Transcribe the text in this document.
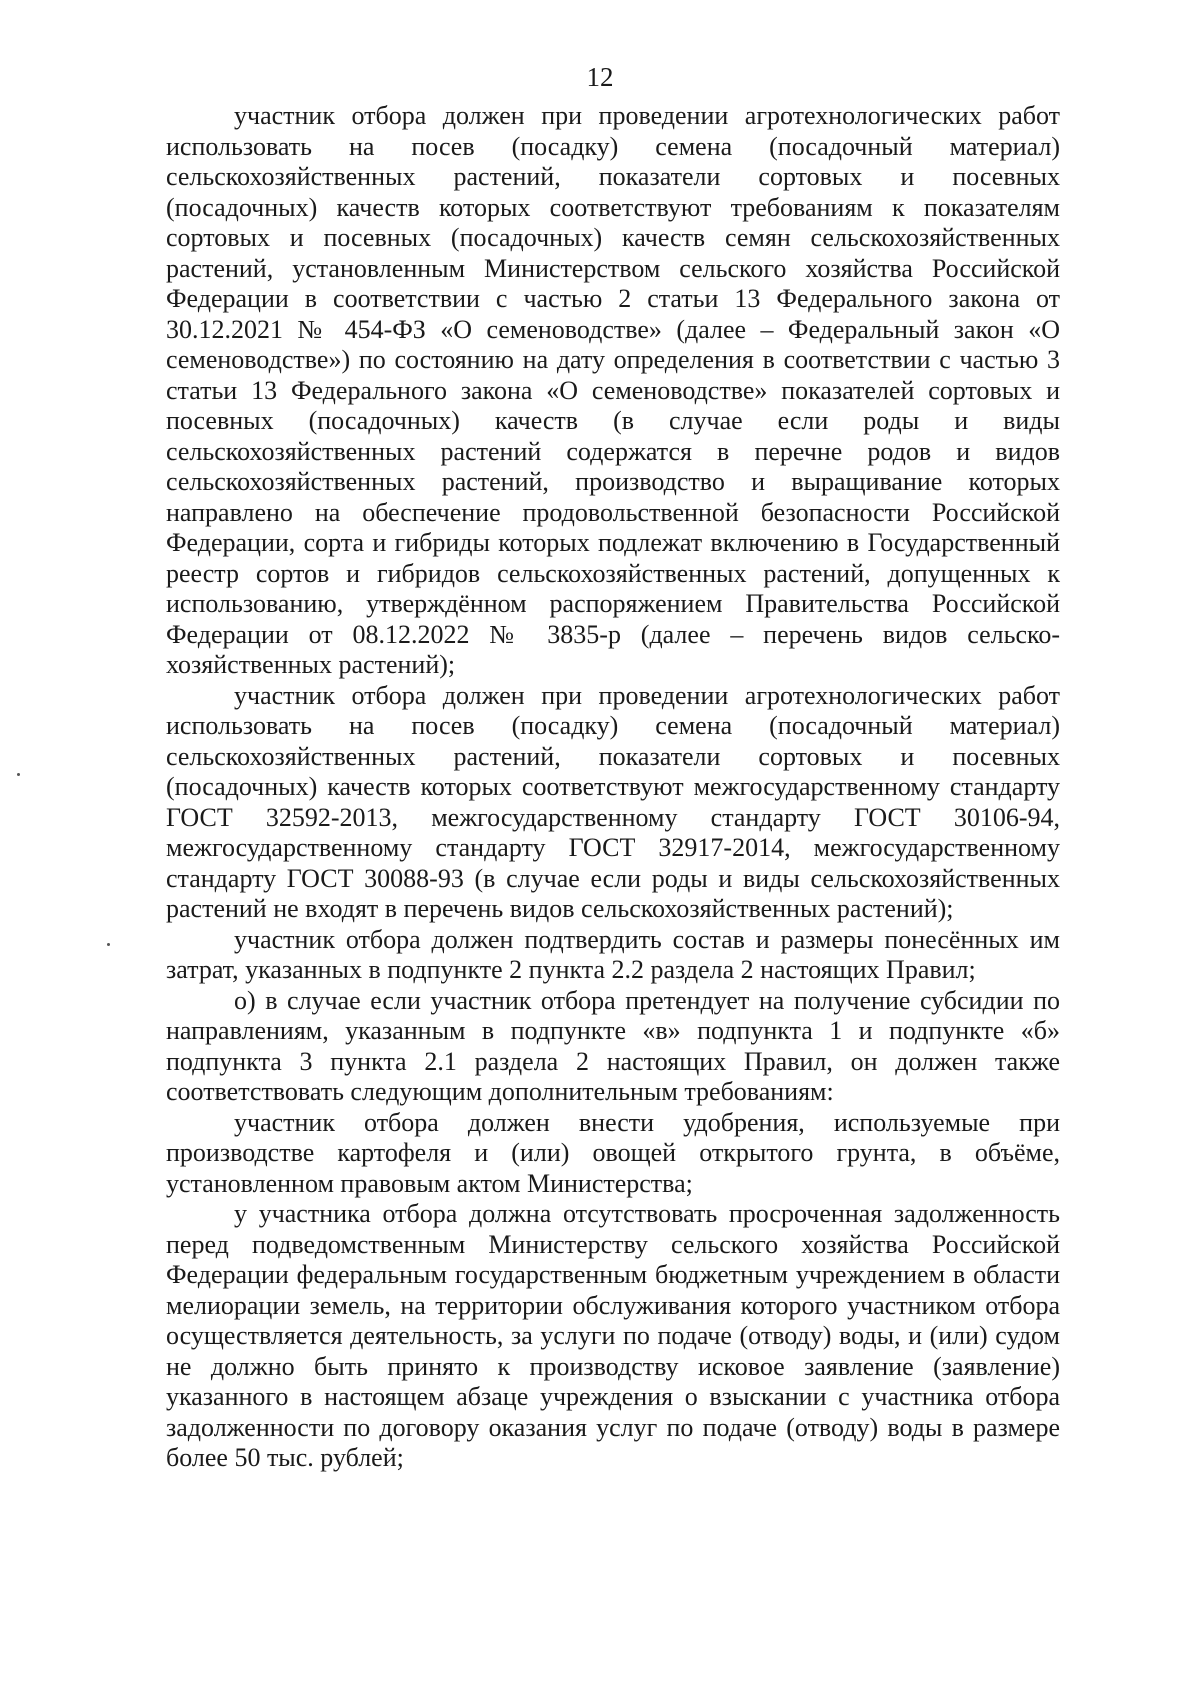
12

участник отбора должен при проведении агротехнологических работ использовать на посев (посадку) семена (посадочный материал) сельскохозяйственных растений, показатели сортовых и посевных (посадочных) качеств которых соответствуют требованиям к показателям сортовых и посевных (посадочных) качеств семян сельскохозяйственных растений, установленным Министерством сельского хозяйства Российской Федерации в соответствии с частью 2 статьи 13 Федерального закона от 30.12.2021 № 454-ФЗ «О семеноводстве» (далее – Федеральный закон «О семеноводстве») по состоянию на дату определения в соответствии с частью 3 статьи 13 Федерального закона «О семеноводстве» показателей сортовых и посевных (посадочных) качеств (в случае если роды и виды сельскохозяйственных растений содержатся в перечне родов и видов сельскохозяйственных растений, производство и выращивание которых направлено на обеспечение продовольственной безопасности Российской Федерации, сорта и гибриды которых подлежат включению в Государственный реестр сортов и гибридов сельскохозяйственных растений, допущенных к использованию, утверждённом распоряжением Правительства Российской Федерации от 08.12.2022 № 3835-р (далее – перечень видов сельско-хозяйственных растений);

участник отбора должен при проведении агротехнологических работ использовать на посев (посадку) семена (посадочный материал) сельскохозяйственных растений, показатели сортовых и посевных (посадочных) качеств которых соответствуют межгосударственному стандарту ГОСТ 32592-2013, межгосударственному стандарту ГОСТ 30106-94, межгосударственному стандарту ГОСТ 32917-2014, межгосударственному стандарту ГОСТ 30088-93 (в случае если роды и виды сельскохозяйственных растений не входят в перечень видов сельскохозяйственных растений);

участник отбора должен подтвердить состав и размеры понесённых им затрат, указанных в подпункте 2 пункта 2.2 раздела 2 настоящих Правил;

о) в случае если участник отбора претендует на получение субсидии по направлениям, указанным в подпункте «в» подпункта 1 и подпункте «б» подпункта 3 пункта 2.1 раздела 2 настоящих Правил, он должен также соответствовать следующим дополнительным требованиям:

участник отбора должен внести удобрения, используемые при производстве картофеля и (или) овощей открытого грунта, в объёме, установленном правовым актом Министерства;

у участника отбора должна отсутствовать просроченная задолженность перед подведомственным Министерству сельского хозяйства Российской Федерации федеральным государственным бюджетным учреждением в области мелиорации земель, на территории обслуживания которого участником отбора осуществляется деятельность, за услуги по подаче (отводу) воды, и (или) судом не должно быть принято к производству исковое заявление (заявление) указанного в настоящем абзаце учреждения о взыскании с участника отбора задолженности по договору оказания услуг по подаче (отводу) воды в размере более 50 тыс. рублей;
